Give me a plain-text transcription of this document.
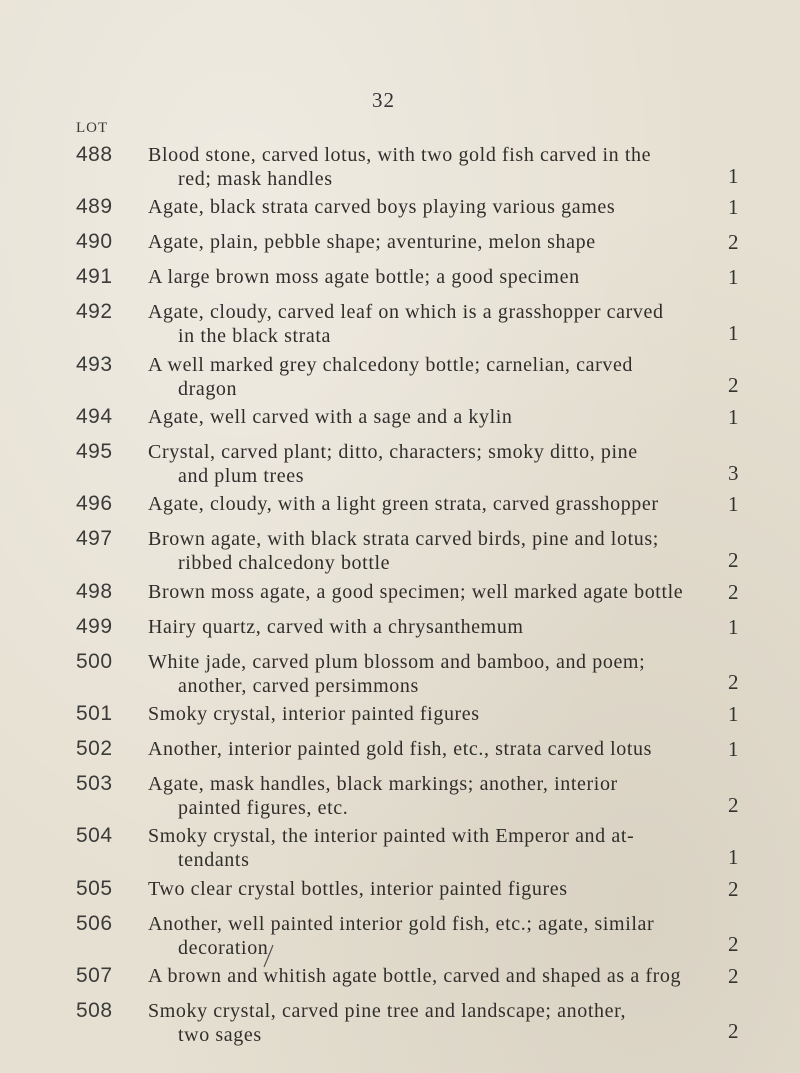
32
LOT
488 Blood stone, carved lotus, with two gold fish carved in the
red; mask handles	1
489 Agate, black strata carved boys playing various games	1
490 Agate, plain, pebble shape; aventurine, melon shape	2
491 A large brown moss agate bottle; a good specimen	1
492 Agate, cloudy, carved leaf on which is a grasshopper carved
in the black strata	1
493 A well marked grey chalcedony bottle; carnelian, carved
dragon	2
494 Agate, well carved with a sage and a kylin	1
495 Crystal, carved plant; ditto, characters; smoky ditto, pine
and plum trees	3
496 Agate, cloudy, with a light green strata, carved grasshopper	1
497 Brown agate, with black strata carved birds, pine and lotus;
ribbed chalcedony bottle	2
498 Brown moss agate, a good specimen; well marked agate bottle	2
499 Hairy quartz, carved with a chrysanthemum	1
500 White jade, carved plum blossom and bamboo, and poem;
another, carved persimmons	2
501 Smoky crystal, interior painted figures	1
502 Another, interior painted gold fish, etc., strata carved lotus	1
503 Agate, mask handles, black markings; another, interior
painted figures, etc.	2
504 Smoky crystal, the interior painted with Emperor and at-
tendants	1
505 Two clear crystal bottles, interior painted figures	2
506 Another, well painted interior gold fish, etc.; agate, similar
decoration	2
507 A brown and whitish agate bottle, carved and shaped as a frog	2
508 Smoky crystal, carved pine tree and landscape; another,
two sages	2
